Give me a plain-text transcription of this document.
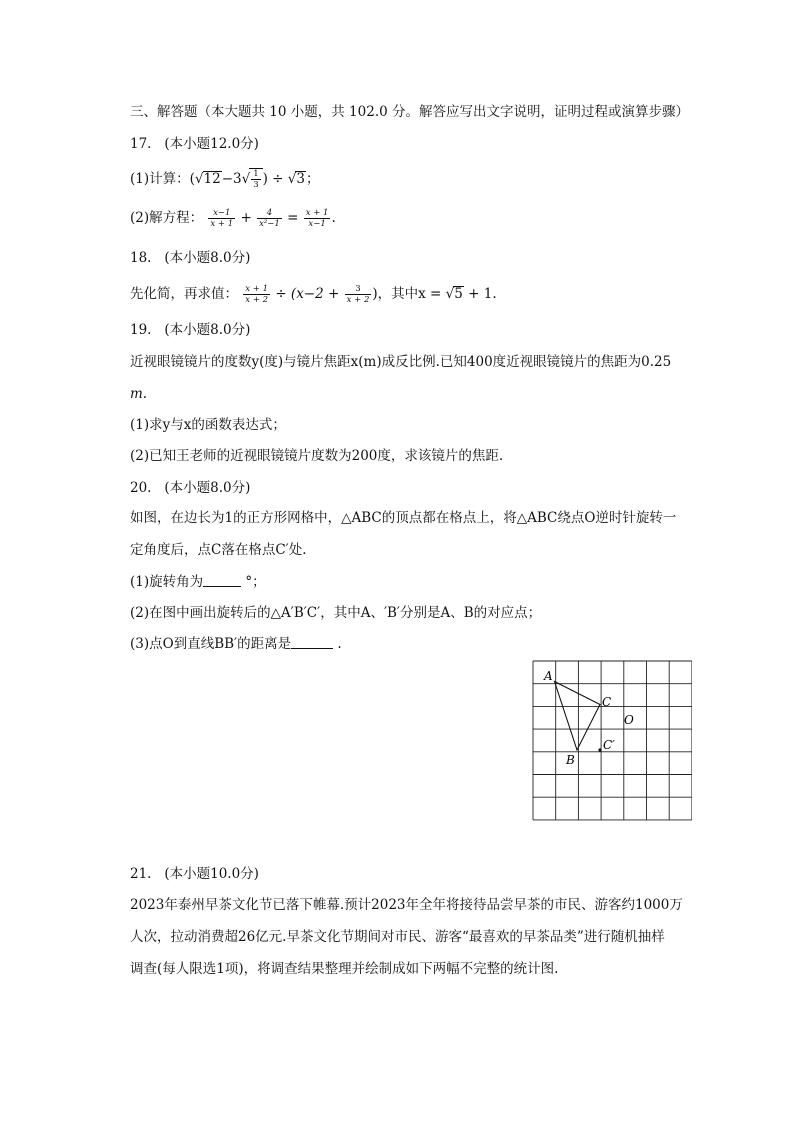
三、解答题（本大题共 10 小题，共 102.0 分。解答应写出文字说明，证明过程或演算步骤）
17.   (本小题12.0分)
(1)计算：($√12-3√ \frac{1}{3}$ ) ÷ √3；
(2)解方程： $\frac{x-1}{x + 1} + \frac{4}{\text{x²−1}} = \frac{x + 1}{x-1}$ .
18.   (本小题8.0分)
先化简，再求值： $\frac{x + 1}{x + 2} \div (x-2 + \frac{3}{x + 2}$ )，其中x = √5 + 1.
19.   (本小题8.0分)
近视眼镜镜片的度数y(度)与镜片焦距x(m)成反比例.已知400度近视眼镜镜片的焦距为0.25
m.
(1)求y与x的函数表达式；
(2)已知王老师的近视眼镜镜片度数为200度，求该镜片的焦距.
20.   (本小题8.0分)
如图，在边长为1的正方形网格中，△ABC的顶点都在格点上，将△ABC绕点O逆时针旋转一
定角度后，点C落在格点C′处.
(1)旋转角为	°；
(2)在图中画出旋转后的△A′B′C′，其中A、′B′分别是A、B的对应点；
(3)点O到直线BB′的距离是	.
A
B
C
O
C′
21.   (本小题10.0分)
2023年泰州早茶文化节已落下帷幕.预计2023年全年将接待品尝早茶的市民、游客约1000万
人次，拉动消费超26亿元.早茶文化节期间对市民、游客“最喜欢的早茶品类”进行随机抽样
调查(每人限选1项)，将调查结果整理并绘制成如下两幅不完整的统计图.
